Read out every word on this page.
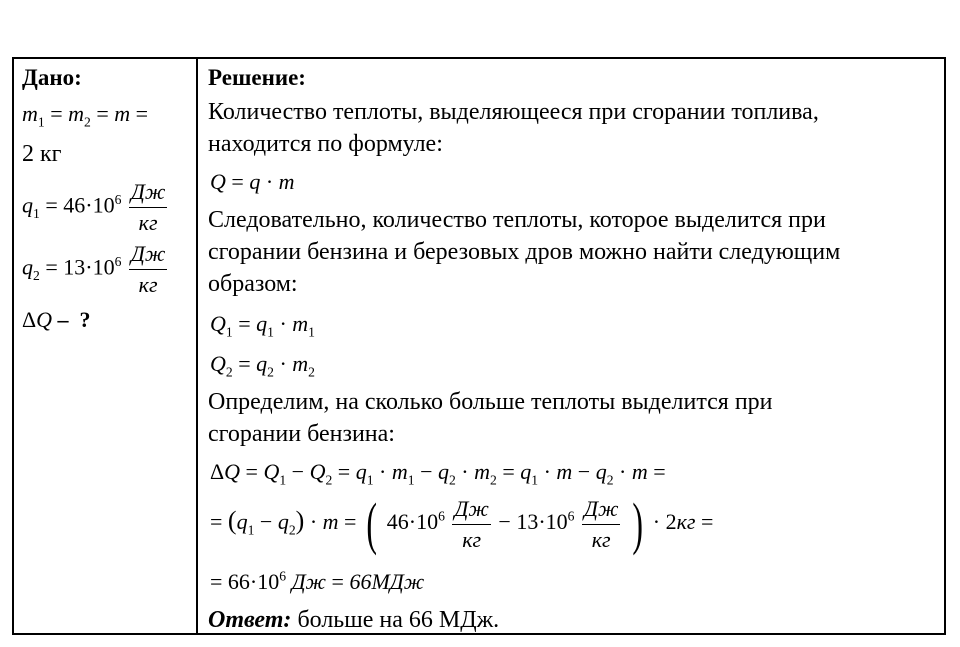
Дано:
$m_1 = m_2 = m$ =
2 кг
$q_1 = 46\cdot 10^6 \frac{Дж}{кг}$
$q_2 = 13\cdot 10^6 \frac{Дж}{кг}$
ΔQ – ?
Решение:
Количество теплоты, выделяющееся при сгорании топлива,
находится по формуле:
Q = q · m
Следовательно, количество теплоты, которое выделится при
сгорании бензина и березовых дров можно найти следующим
образом:
$Q_1 = q_1 \cdot m_1$
$Q_2 = q_2 \cdot m_2$
Определим, на сколько больше теплоты выделится при
сгорании бензина:
$\Delta Q = Q_1 - Q_2 = q_1 \cdot m_1 - q_2 \cdot m_2 = q_1 \cdot m - q_2 \cdot m$ =
= $(q_1 - q_2) \cdot m$ = ( $46\cdot 10^6 \frac{Дж}{кг} - 13\cdot 10^6 \frac{Дж}{кг}$ ) · 2кг =
= $66\cdot 10^6$ Дж = 66МДж
Ответ: больше на 66 МДж.
